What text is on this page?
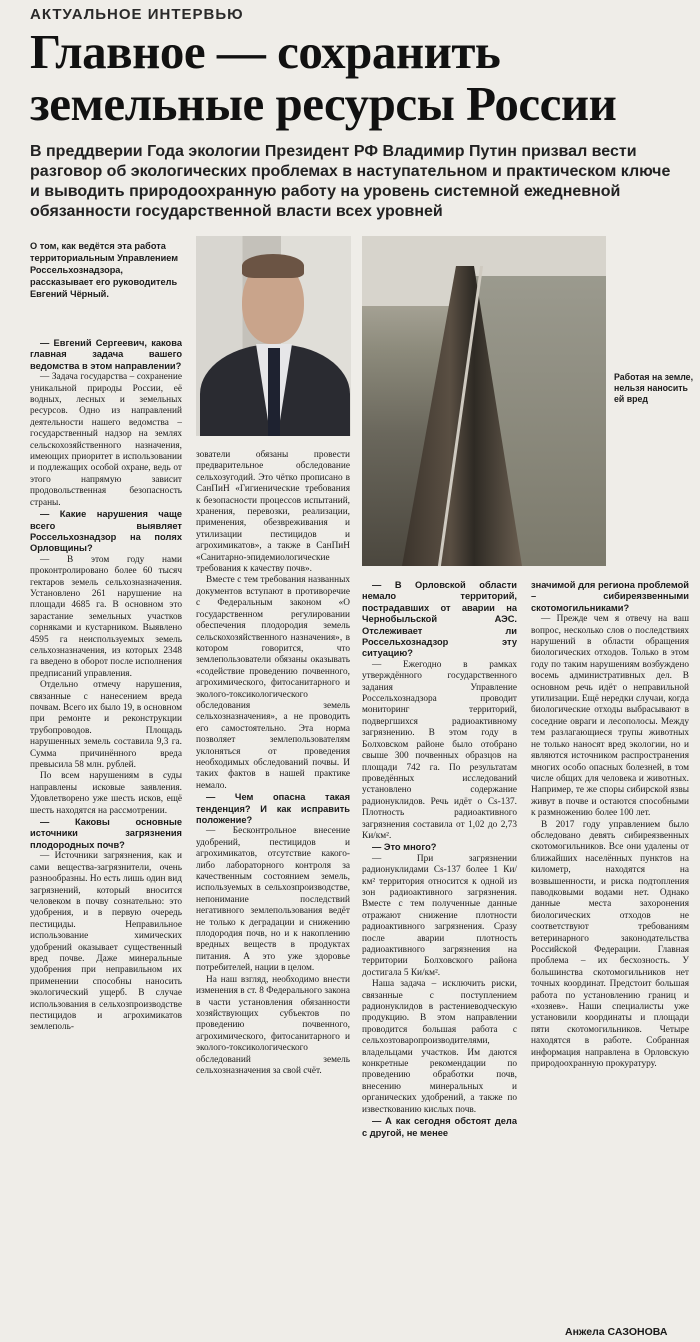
АКТУАЛЬНОЕ ИНТЕРВЬЮ
Главное — сохранить
земельные ресурсы России
В преддверии Года экологии Президент РФ Владимир Путин призвал вести разговор об экологических проблемах в наступательном и практическом ключе и выводить природоохранную работу на уровень системной ежедневной обязанности государственной власти всех уровней
О том, как ведётся эта работа территориальным Управлением Россельхознадзора, рассказывает его руководитель Евгений Чёрный.
Работая на земле, нельзя наносить ей вред

— Евгений Сергеевич, какова главная задача вашего ведомства в этом направлении?

— Задача государства – сохранение уникальной природы России, её водных, лесных и земельных ресурсов. Одно из направлений деятельности нашего ведомства – государственный надзор на землях сельскохозяйственного назначения, имеющих приоритет в использовании и подлежащих особой охране, ведь от этого напрямую зависит продовольственная безопасность страны.

— Какие нарушения чаще всего выявляет Россельхознадзор на полях Орловщины?

— В этом году нами проконтролировано более 60 тысяч гектаров земель сельхозназначения. Установлено 261 нарушение на площади 4685 га. В основном это зарастание земельных участков сорняками и кустарником. Выявлено 4595 га неиспользуемых земель сельхозназначения, из которых 2348 га введено в оборот после исполнения предписаний управления.

Отдельно отмечу нарушения, связанные с нанесением вреда почвам. Всего их было 19, в основном при ремонте и реконструкции трубопроводов. Площадь нарушенных земель составила 9,3 га. Сумма причинённого вреда превысила 58 млн. рублей.

По всем нарушениям в суды направлены исковые заявления. Удовлетворено уже шесть исков, ещё шесть находятся на рассмотрении.

— Каковы основные источники загрязнения плодородных почв?

— Источники загрязнения, как и сами вещества-загрязнители, очень разнообразны. Но есть лишь один вид загрязнений, который вносится человеком в почву сознательно: это удобрения, и в первую очередь пестициды. Неправильное использование химических удобрений оказывает существенный вред почве. Даже минеральные удобрения при неправильном их применении способны наносить экологический ущерб. В случае использования в сельхозпроизводстве пестицидов и агрохимикатов землеполь-

зователи обязаны провести предварительное обследование сельхозугодий. Это чётко прописано в СанПиН «Гигиенические требования к безопасности процессов испытаний, хранения, перевозки, реализации, применения, обезвреживания и утилизации пестицидов и агрохимикатов», а также в СанПиН «Санитарно-эпидемиологические требования к качеству почв».

Вместе с тем требования названных документов вступают в противоречие с Федеральным законом «О государственном регулировании обеспечения плодородия земель сельскохозяйственного назначения», в котором говорится, что землепользователи обязаны оказывать «содействие проведению почвенного, агрохимического, фитосанитарного и эколого-токсикологического обследования земель сельхозназначения», а не проводить его самостоятельно. Эта норма позволяет землепользователям уклоняться от проведения необходимых обследований почвы. И таких фактов в нашей практике немало.

— Чем опасна такая тенденция? И как исправить положение?

— Бесконтрольное внесение удобрений, пестицидов и агрохимикатов, отсутствие какого-либо лабораторного контроля за качественным состоянием земель, используемых в сельхозпроизводстве, непонимание последствий негативного землепользования ведёт не только к деградации и снижению плодородия почв, но и к накоплению вредных веществ в продуктах питания. А это уже здоровье потребителей, нации в целом.

На наш взгляд, необходимо внести изменения в ст. 8 Федерального закона в части установления обязанности хозяйствующих субъектов по проведению почвенного, агрохимического, фитосанитарного и эколого-токсикологического обследований земель сельхозназначения за свой счёт.

— В Орловской области немало территорий, пострадавших от аварии на Чернобыльской АЭС. Отслеживает ли Россельхознадзор эту ситуацию?

— Ежегодно в рамках утверждённого государственного задания Управление Россельхознадзора проводит мониторинг территорий, подвергшихся радиоактивному загрязнению. В этом году в Болховском районе было отобрано свыше 300 почвенных образцов на площади 742 га. По результатам проведённых исследований установлено содержание радионуклидов. Речь идёт о Cs-137. Плотность радиоактивного загрязнения составила от 1,02 до 2,73 Ки/км².

— Это много?

— При загрязнении радионуклидами Cs-137 более 1 Ки/км² территория относится к одной из зон радиоактивного загрязнения. Вместе с тем полученные данные отражают снижение плотности радиоактивного загрязнения. Сразу после аварии плотность радиоактивного загрязнения на территории Болховского района достигала 5 Ки/км².

Наша задача – исключить риски, связанные с поступлением радионуклидов в растениеводческую продукцию. В этом направлении проводится большая работа с сельхозтоваропроизводителями, владельцами участков. Им даются конкретные рекомендации по проведению обработки почв, внесению минеральных и органических удобрений, а также по известкованию кислых почв.

— А как сегодня обстоят дела с другой, не менее

значимой для региона проблемой – сибиреязвенными скотомогильниками?

— Прежде чем я отвечу на ваш вопрос, несколько слов о последствиях нарушений в области обращения биологических отходов. Только в этом году по таким нарушениям возбуждено восемь административных дел. В основном речь идёт о неправильной утилизации. Ещё нередки случаи, когда биологические отходы выбрасывают в соседние овраги и лесополосы. Между тем разлагающиеся трупы животных не только наносят вред экологии, но и являются источником распространения многих особо опасных болезней, в том числе общих для человека и животных. Например, те же споры сибирской язвы живут в почве и остаются способными к размножению более 100 лет.

В 2017 году управлением было обследовано девять сибиреязвенных скотомогильников. Все они удалены от ближайших населённых пунктов на километр, находятся на возвышенности, и риска подтопления паводковыми водами нет. Однако данные места захоронения биологических отходов не соответствуют требованиям ветеринарного законодательства Российской Федерации. Главная проблема – их бесхозность. У большинства скотомогильников нет точных координат. Предстоит большая работа по установлению границ и «хозяев». Наши специалисты уже установили координаты и площади пяти скотомогильников. Четыре находятся в работе. Собранная информация направлена в Орловскую природоохранную прокуратуру.

Анжела САЗОНОВА
